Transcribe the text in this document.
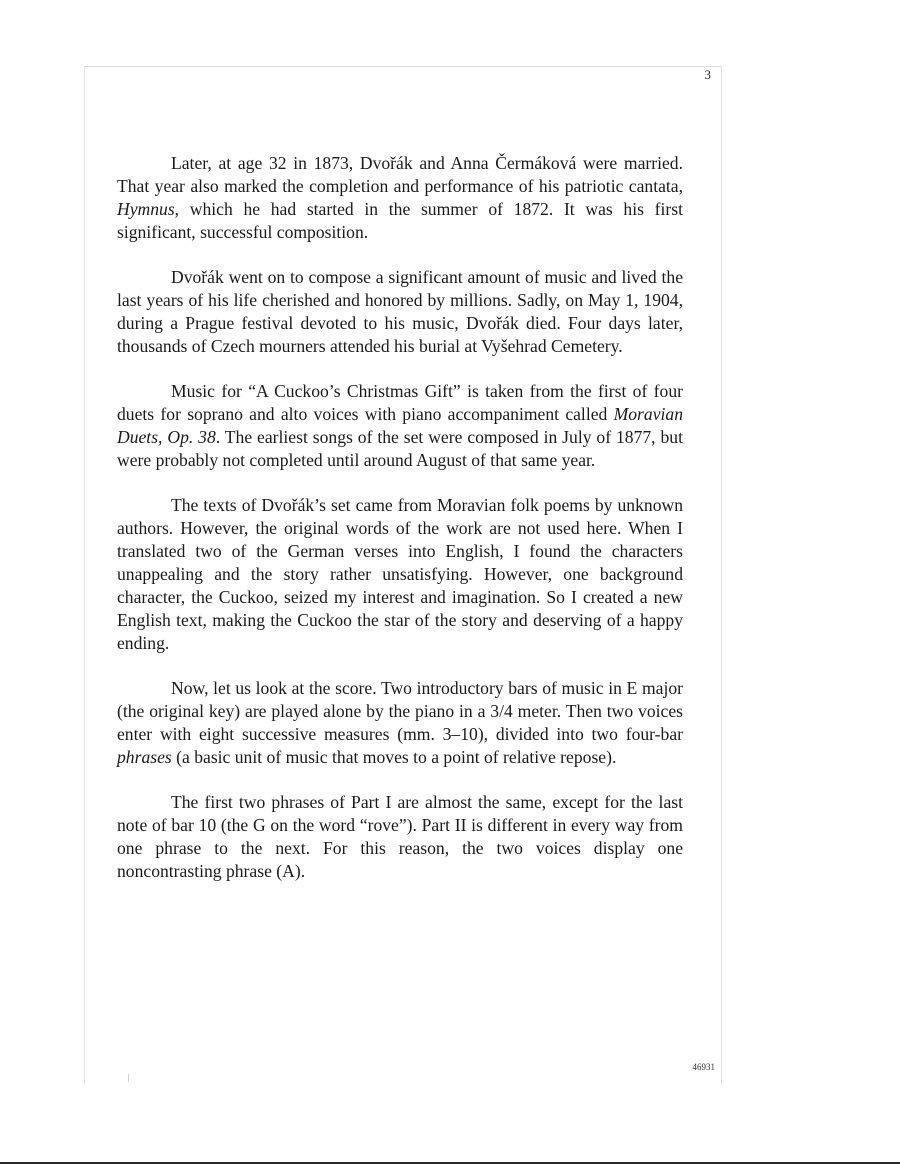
3

Later, at age 32 in 1873, Dvořák and Anna Čermáková were married. That year also marked the completion and performance of his patriotic cantata, Hymnus, which he had started in the summer of 1872. It was his first significant, successful composition.

Dvořák went on to compose a significant amount of music and lived the last years of his life cherished and honored by millions. Sadly, on May 1, 1904, during a Prague festival devoted to his music, Dvořák died. Four days later, thousands of Czech mourners attended his burial at Vyšehrad Cemetery.

Music for “A Cuckoo’s Christmas Gift” is taken from the first of four duets for soprano and alto voices with piano accompaniment called Moravian Duets, Op. 38. The earliest songs of the set were composed in July of 1877, but were probably not completed until around August of that same year.

The texts of Dvořák’s set came from Moravian folk poems by unknown authors. However, the original words of the work are not used here. When I translated two of the German verses into English, I found the characters unappealing and the story rather unsatisfying. However, one background character, the Cuckoo, seized my interest and imagination. So I created a new English text, making the Cuckoo the star of the story and deserving of a happy ending.

Now, let us look at the score. Two introductory bars of music in E major (the original key) are played alone by the piano in a 3/4 meter. Then two voices enter with eight successive measures (mm. 3–10), divided into two four-bar phrases (a basic unit of music that moves to a point of relative repose).

The first two phrases of Part I are almost the same, except for the last note of bar 10 (the G on the word “rove”). Part II is different in every way from one phrase to the next. For this reason, the two voices display one noncontrasting phrase (A).

46931
